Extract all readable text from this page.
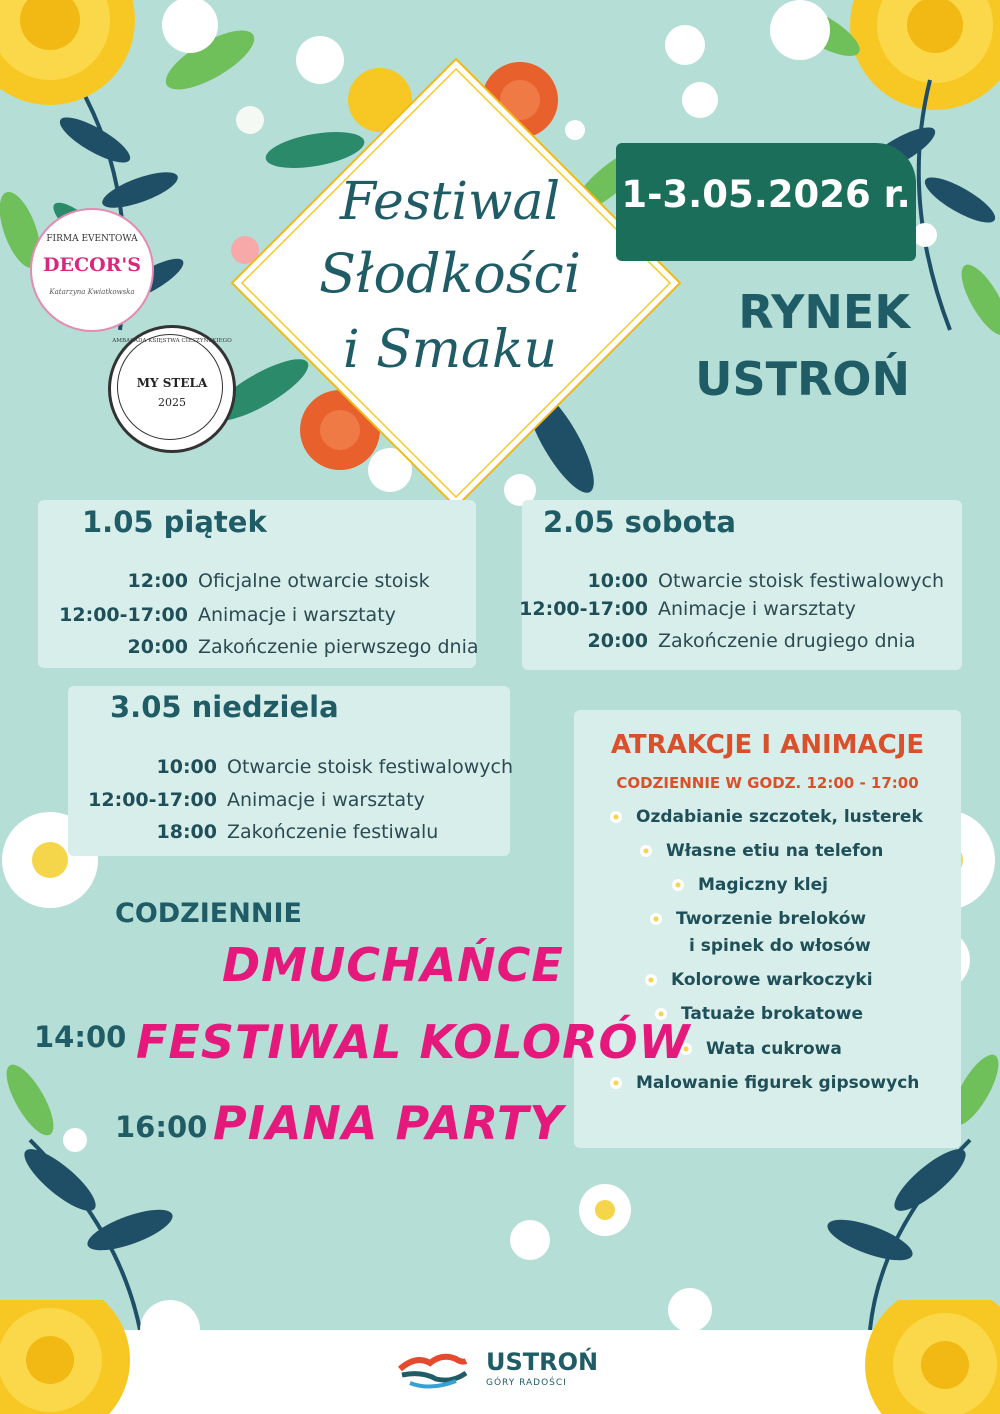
Festiwal
Słodkości
i Smaku
1-3.05.2026 r.
RYNEK
USTROŃ
FIRMA EVENTOWA
DECOR'S
Katarzyna Kwiatkowska
AMBASADA KSIĘSTWA CIESZYŃSKIEGO
MY STELA
2025
1.05 piątek
12:00 Oficjalne otwarcie stoisk
12:00-17:00 Animacje i warsztaty
20:00 Zakończenie pierwszego dnia
2.05 sobota
10:00 Otwarcie stoisk festiwalowych
12:00-17:00 Animacje i warsztaty
20:00 Zakończenie drugiego dnia
3.05 niedziela
10:00 Otwarcie stoisk festiwalowych
12:00-17:00 Animacje i warsztaty
18:00 Zakończenie festiwalu
ATRAKCJE I ANIMACJE
CODZIENNIE W GODZ. 12:00 - 17:00
Ozdabianie szczotek, lusterek
Własne etiu na telefon
Magiczny klej
Tworzenie breloków
i spinek do włosów
Kolorowe warkoczyki
Tatuaże brokatowe
Wata cukrowa
Malowanie figurek gipsowych
CODZIENNIE
DMUCHAŃCE
14:00 FESTIWAL KOLORÓW
16:00 PIANA PARTY
USTROŃ
GÓRY RADOŚCI
